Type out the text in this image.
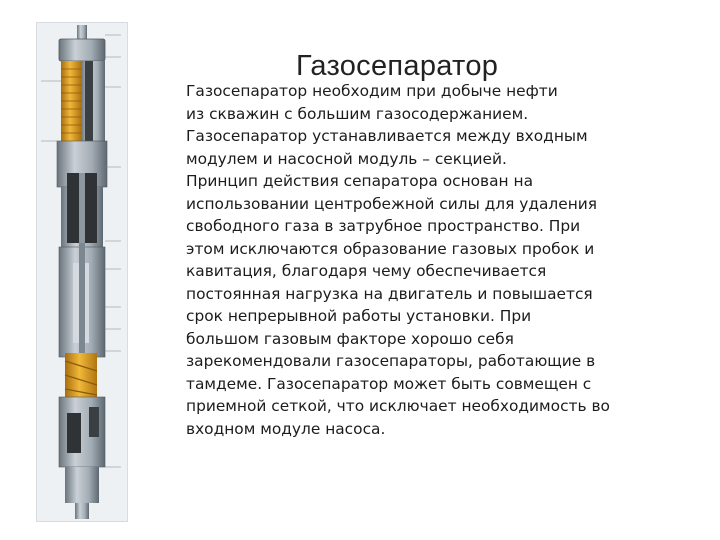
Газосепаратор
Газосепаратор необходим при добыче нефти
из скважин с большим газосодержанием.
Газосепаратор устанавливается между входным
модулем и насосной модуль – секцией.
Принцип действия сепаратора основан на
использовании центробежной силы для удаления
свободного газа в затрубное пространство. При
этом исключаются образование газовых пробок и
кавитация, благодаря чему обеспечивается
постоянная нагрузка на двигатель и повышается
срок непрерывной работы установки. При
большом газовым факторе хорошо себя
зарекомендовали газосепараторы, работающие в
тамдеме. Газосепаратор может быть совмещен с
приемной сеткой, что исключает необходимость во
входном модуле насоса.
